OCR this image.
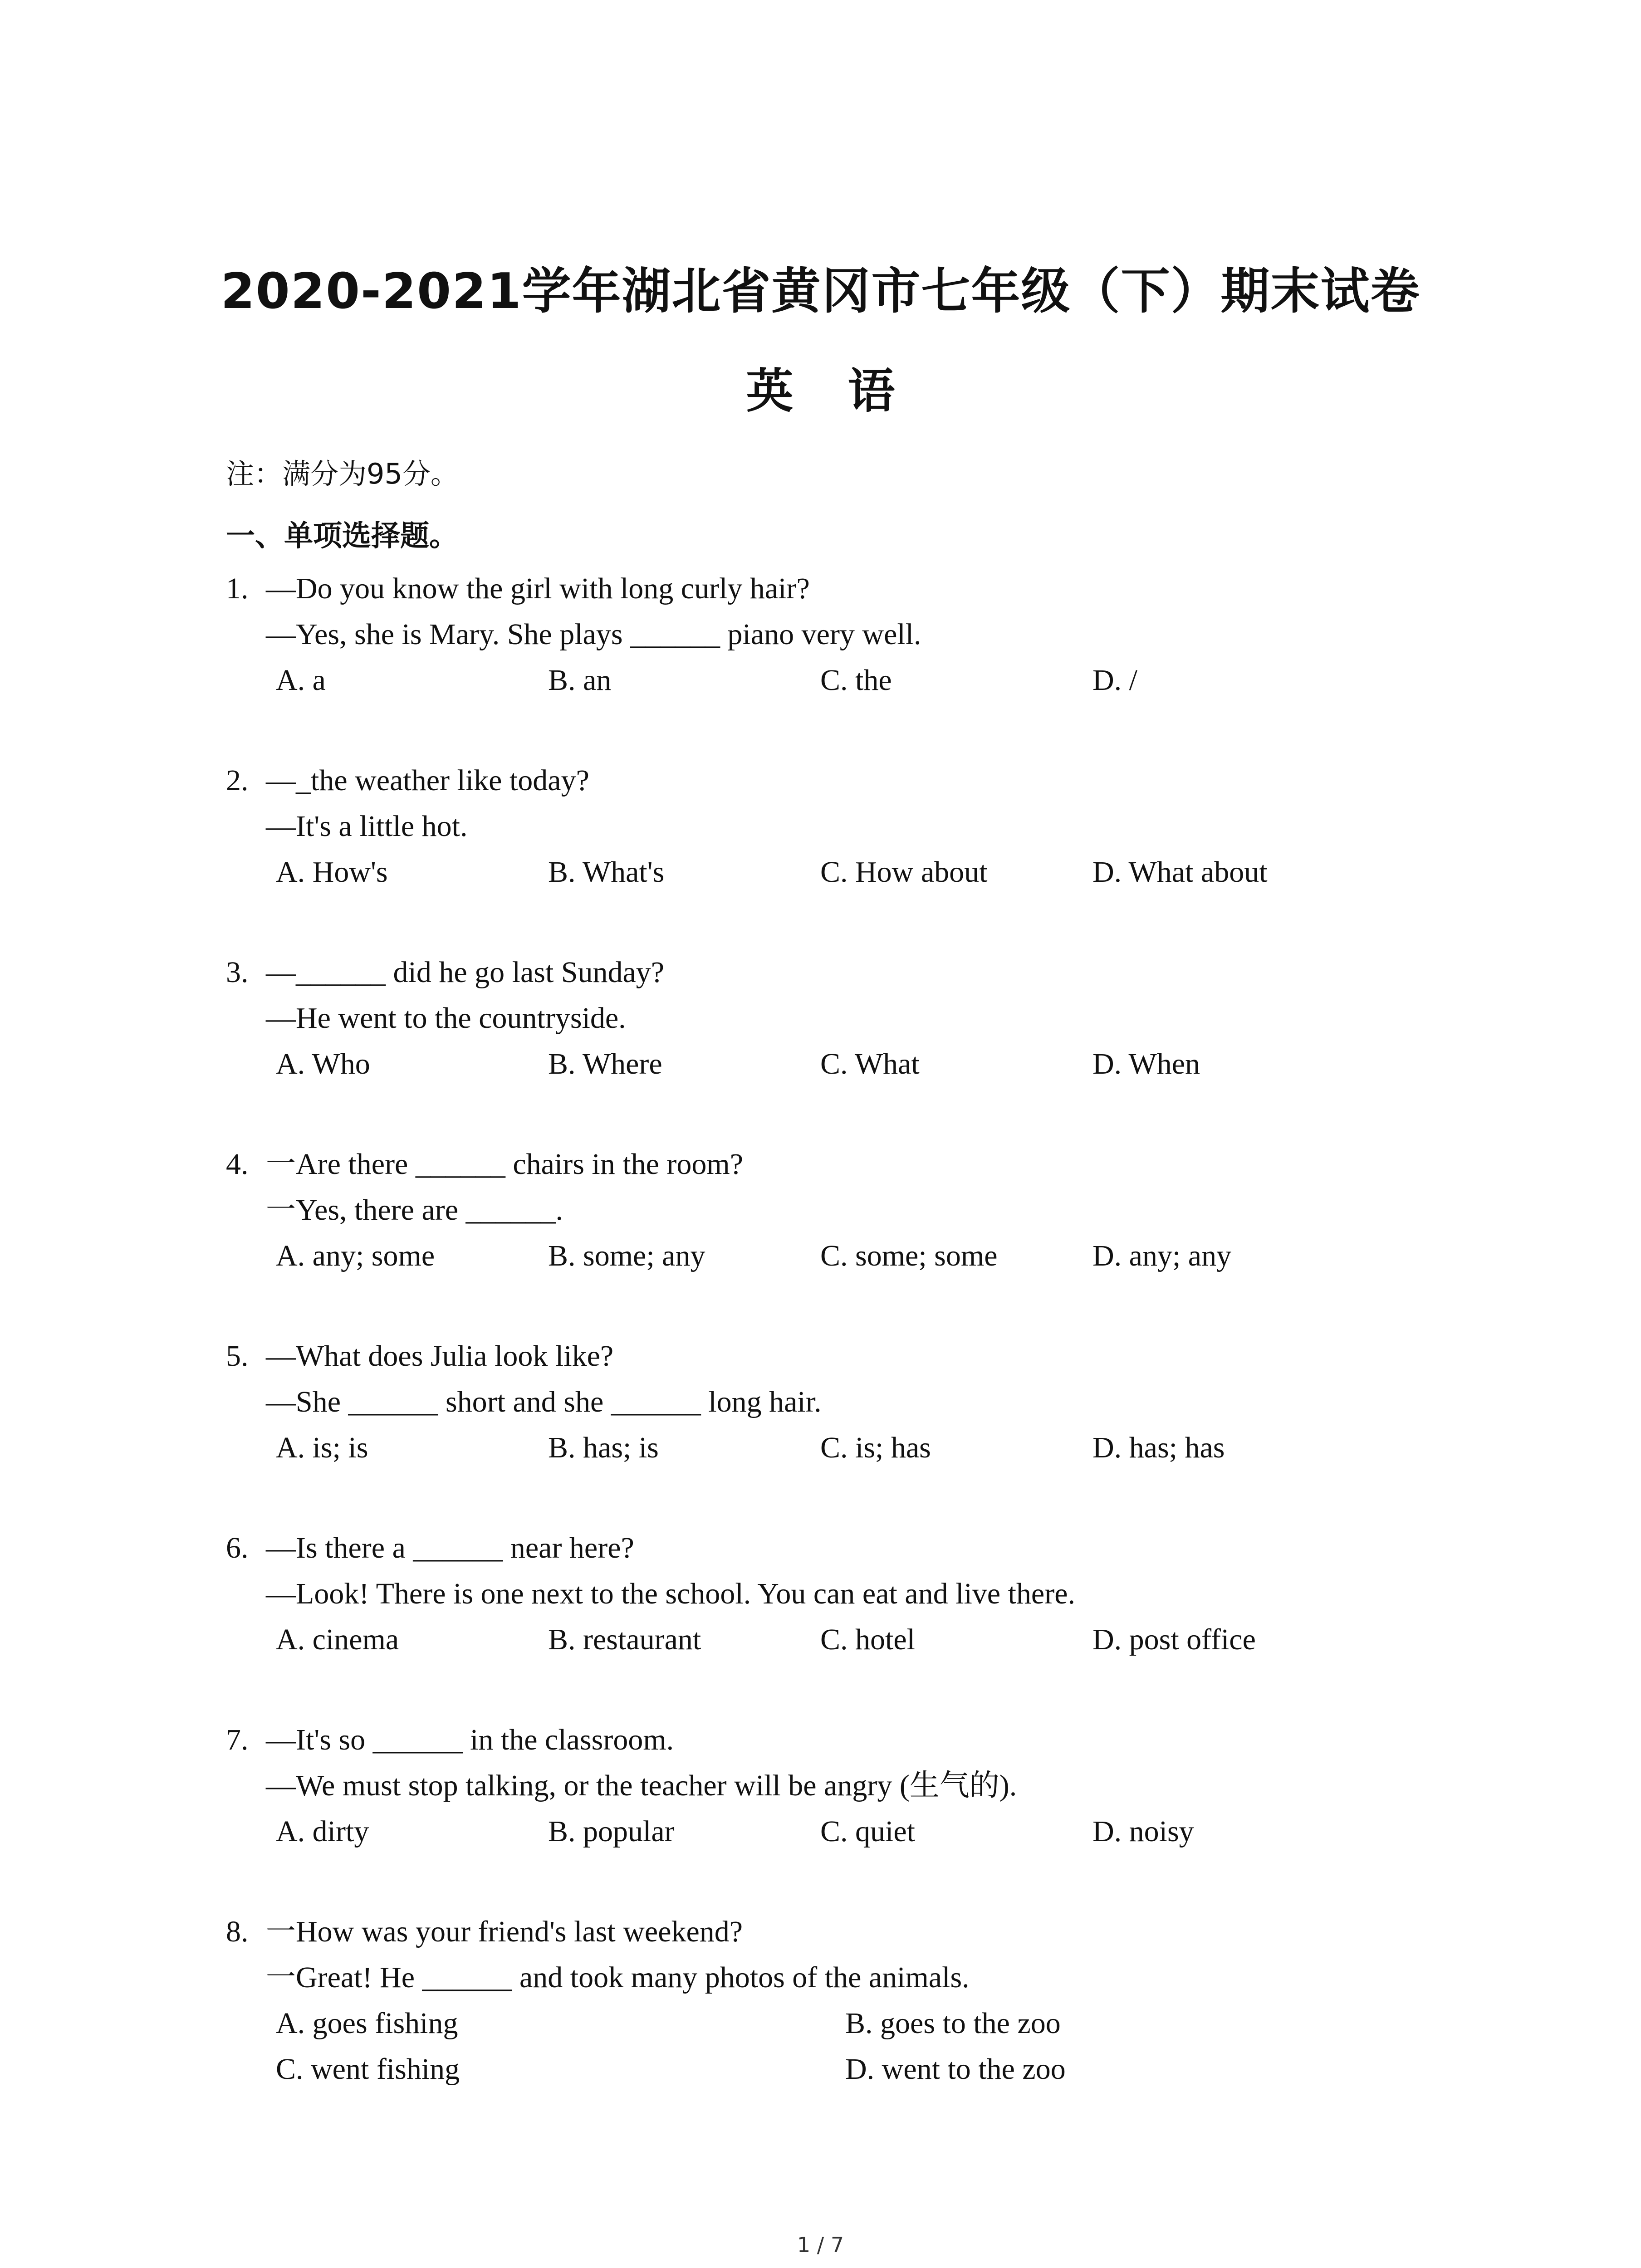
2020-2021学年湖北省黄冈市七年级（下）期末试卷
英语
注：满分为95分。
一、单项选择题。
1. —Do you know the girl with long curly hair?
—Yes, she is Mary. She plays ______ piano very well.
A. a	B. an	C. the	D. /
2. —_the weather like today?
—It's a little hot.
A. How's	B. What's	C. How about	D. What about
3. —______ did he go last Sunday?
—He went to the countryside.
A. Who	B. Where	C. What	D. When
4. 一Are there ______ chairs in the room?
一Yes, there are ______.
A. any; some	B. some; any	C. some; some	D. any; any
5. —What does Julia look like?
—She ______ short and she ______ long hair.
A. is; is	B. has; is	C. is; has	D. has; has
6. —Is there a ______ near here?
—Look! There is one next to the school. You can eat and live there.
A. cinema	B. restaurant	C. hotel	D. post office
7. —It's so ______ in the classroom.
—We must stop talking, or the teacher will be angry (生气的).
A. dirty	B. popular	C. quiet	D. noisy
8. 一How was your friend's last weekend?
一Great! He ______ and took many photos of the animals.
A. goes fishing	B. goes to the zoo
C. went fishing	D. went to the zoo
1 / 7
